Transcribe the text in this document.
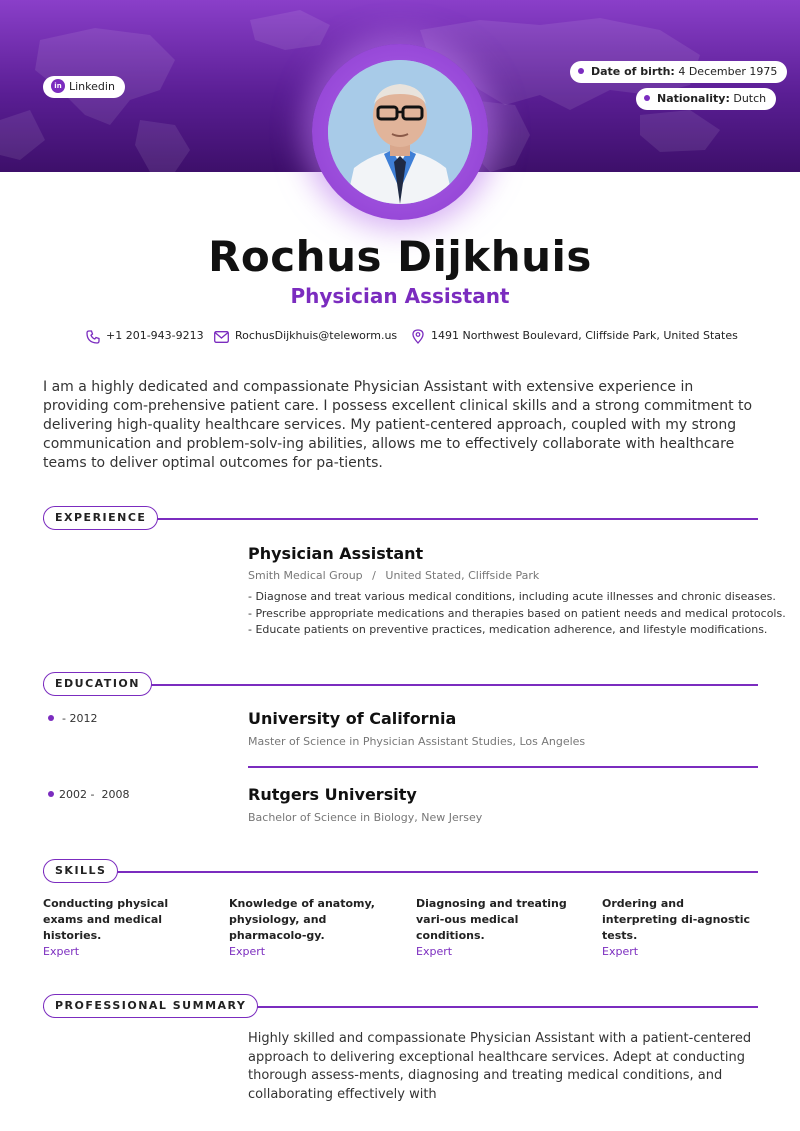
in Linkedin
Date of birth: 4 December 1975
Nationality: Dutch
Rochus Dijkhuis
Physician Assistant
+1 201-943-9213	RochusDijkhuis@teleworm.us	1491 Northwest Boulevard, Cliffside Park, United States
I am a highly dedicated and compassionate Physician Assistant with extensive experience in providing com-prehensive patient care. I possess excellent clinical skills and a strong commitment to delivering high-quality healthcare services. My patient-centered approach, coupled with my strong communication and problem-solv-ing abilities, allows me to effectively collaborate with healthcare teams to deliver optimal outcomes for pa-tients.
EXPERIENCE
Physician Assistant
Smith Medical Group / United Stated, Cliffside Park
- Diagnose and treat various medical conditions, including acute illnesses and chronic diseases.
- Prescribe appropriate medications and therapies based on patient needs and medical protocols.
- Educate patients on preventive practices, medication adherence, and lifestyle modifications.
EDUCATION
- 2012	University of California
Master of Science in Physician Assistant Studies, Los Angeles
2002 -  2008	Rutgers University
Bachelor of Science in Biology, New Jersey
SKILLS
Conducting physical exams and medical histories.
Expert
Knowledge of anatomy, physiology, and pharmacolo-gy.
Expert
Diagnosing and treating vari-ous medical conditions.
Expert
Ordering and interpreting di-agnostic tests.
Expert
PROFESSIONAL SUMMARY
Highly skilled and compassionate Physician Assistant with a patient-centered approach to delivering exceptional healthcare services. Adept at conducting thorough assess-ments, diagnosing and treating medical conditions, and collaborating effectively with
